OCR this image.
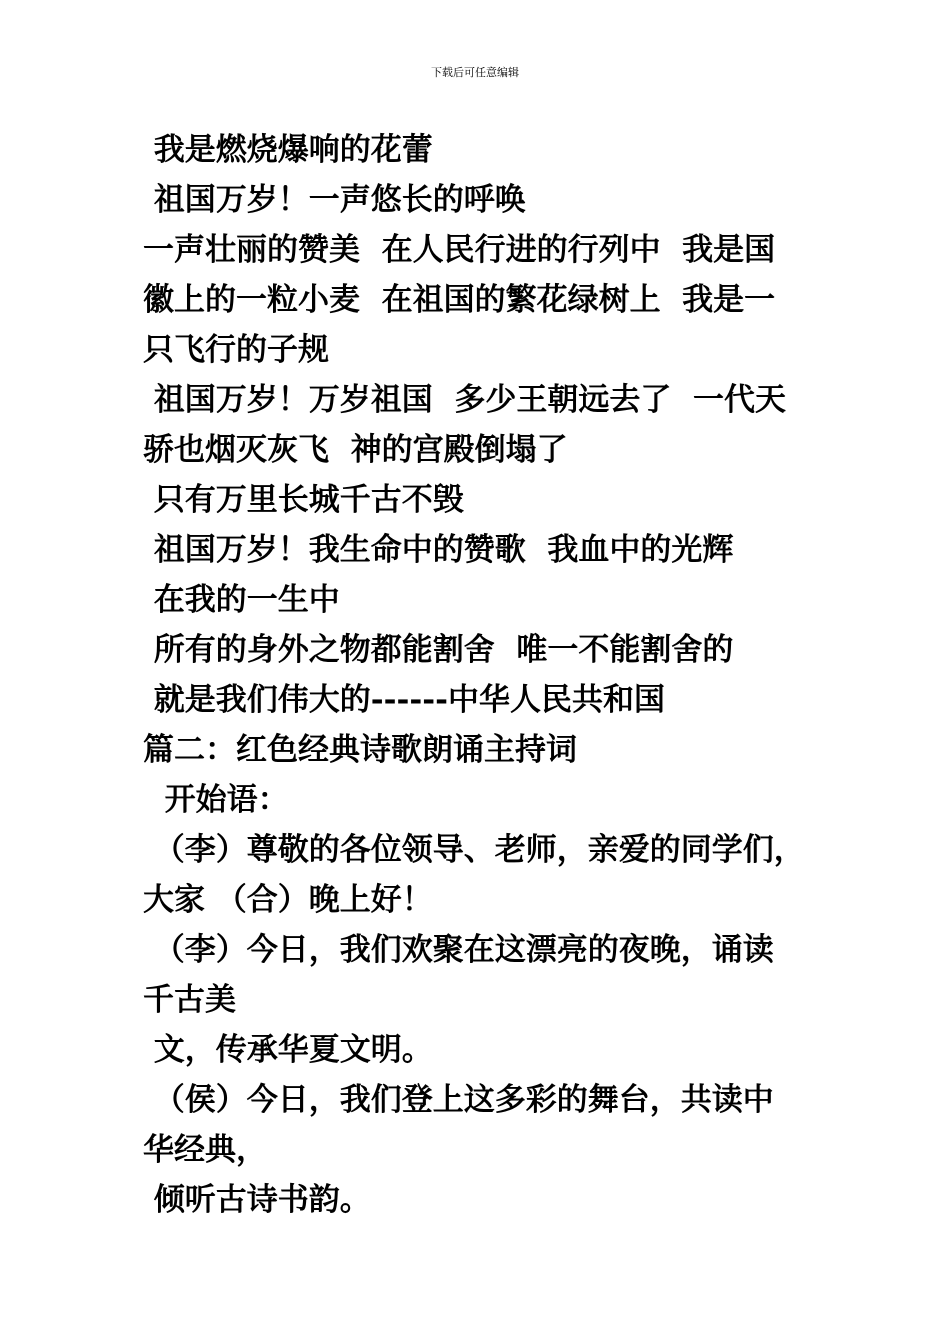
下载后可任意编辑
我是燃烧爆响的花蕾
祖国万岁！一声悠长的呼唤
一声壮丽的赞美  在人民行进的行列中  我是国
徽上的一粒小麦  在祖国的繁花绿树上  我是一
只飞行的子规
祖国万岁！万岁祖国  多少王朝远去了  一代天
骄也烟灭灰飞  神的宫殿倒塌了
只有万里长城千古不毁
祖国万岁！我生命中的赞歌  我血中的光辉
在我的一生中
所有的身外之物都能割舍  唯一不能割舍的
就是我们伟大的------中华人民共和国
篇二：红色经典诗歌朗诵主持词
开始语：
（李）尊敬的各位领导、老师，亲爱的同学们，
大家 （合）晚上好！
（李）今日，我们欢聚在这漂亮的夜晚，诵读
千古美
文，传承华夏文明。
（侯）今日，我们登上这多彩的舞台，共读中
华经典，
倾听古诗书韵。
